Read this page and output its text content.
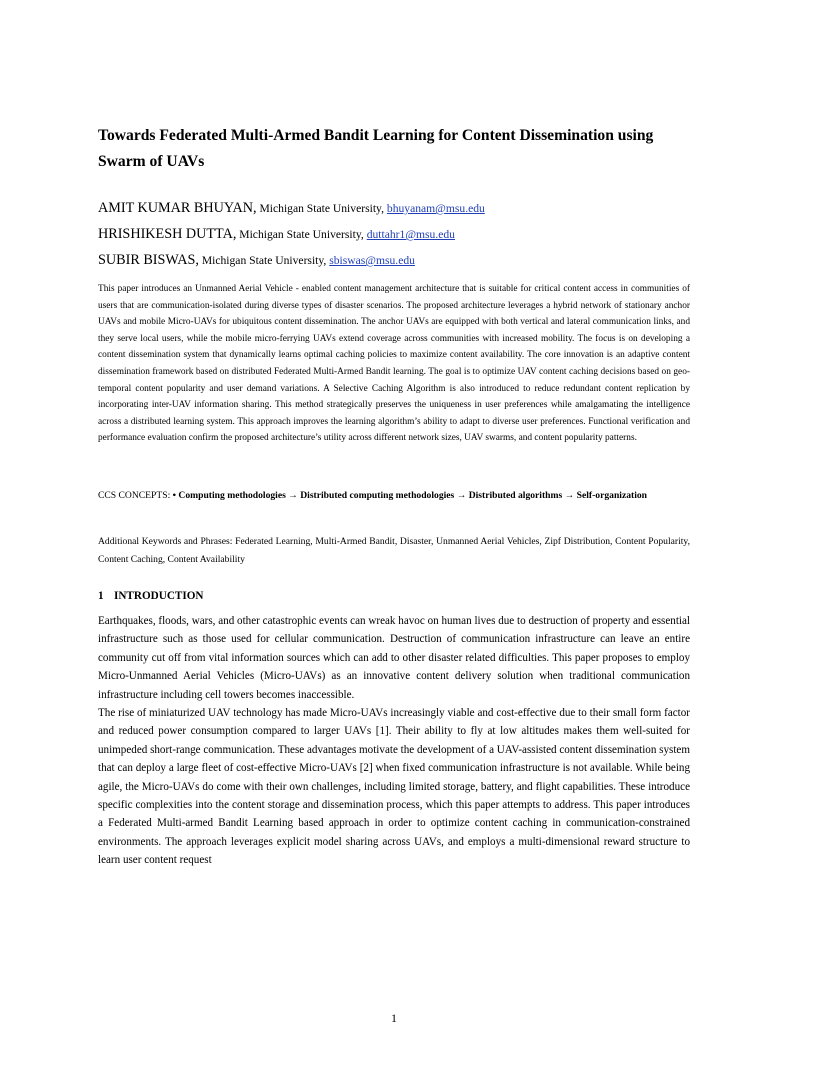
Towards Federated Multi-Armed Bandit Learning for Content Dissemination using Swarm of UAVs
AMIT KUMAR BHUYAN, Michigan State University, bhuyanam@msu.edu
HRISHIKESH DUTTA, Michigan State University, duttahr1@msu.edu
SUBIR BISWAS, Michigan State University, sbiswas@msu.edu
This paper introduces an Unmanned Aerial Vehicle - enabled content management architecture that is suitable for critical content access in communities of users that are communication-isolated during diverse types of disaster scenarios. The proposed architecture leverages a hybrid network of stationary anchor UAVs and mobile Micro-UAVs for ubiquitous content dissemination. The anchor UAVs are equipped with both vertical and lateral communication links, and they serve local users, while the mobile micro-ferrying UAVs extend coverage across communities with increased mobility. The focus is on developing a content dissemination system that dynamically learns optimal caching policies to maximize content availability. The core innovation is an adaptive content dissemination framework based on distributed Federated Multi-Armed Bandit learning. The goal is to optimize UAV content caching decisions based on geo-temporal content popularity and user demand variations. A Selective Caching Algorithm is also introduced to reduce redundant content replication by incorporating inter-UAV information sharing. This method strategically preserves the uniqueness in user preferences while amalgamating the intelligence across a distributed learning system. This approach improves the learning algorithm’s ability to adapt to diverse user preferences. Functional verification and performance evaluation confirm the proposed architecture’s utility across different network sizes, UAV swarms, and content popularity patterns.
CCS CONCEPTS: • Computing methodologies → Distributed computing methodologies → Distributed algorithms → Self-organization
Additional Keywords and Phrases: Federated Learning, Multi-Armed Bandit, Disaster, Unmanned Aerial Vehicles, Zipf Distribution, Content Popularity, Content Caching, Content Availability
1 INTRODUCTION

Earthquakes, floods, wars, and other catastrophic events can wreak havoc on human lives due to destruction of property and essential infrastructure such as those used for cellular communication. Destruction of communication infrastructure can leave an entire community cut off from vital information sources which can add to other disaster related difficulties. This paper proposes to employ Micro-Unmanned Aerial Vehicles (Micro-UAVs) as an innovative content delivery solution when traditional communication infrastructure including cell towers becomes inaccessible.

The rise of miniaturized UAV technology has made Micro-UAVs increasingly viable and cost-effective due to their small form factor and reduced power consumption compared to larger UAVs [1]. Their ability to fly at low altitudes makes them well-suited for unimpeded short-range communication. These advantages motivate the development of a UAV-assisted content dissemination system that can deploy a large fleet of cost-effective Micro-UAVs [2] when fixed communication infrastructure is not available. While being agile, the Micro-UAVs do come with their own challenges, including limited storage, battery, and flight capabilities. These introduce specific complexities into the content storage and dissemination process, which this paper attempts to address. This paper introduces a Federated Multi-armed Bandit Learning based approach in order to optimize content caching in communication-constrained environments. The approach leverages explicit model sharing across UAVs, and employs a multi-dimensional reward structure to learn user content request

1
